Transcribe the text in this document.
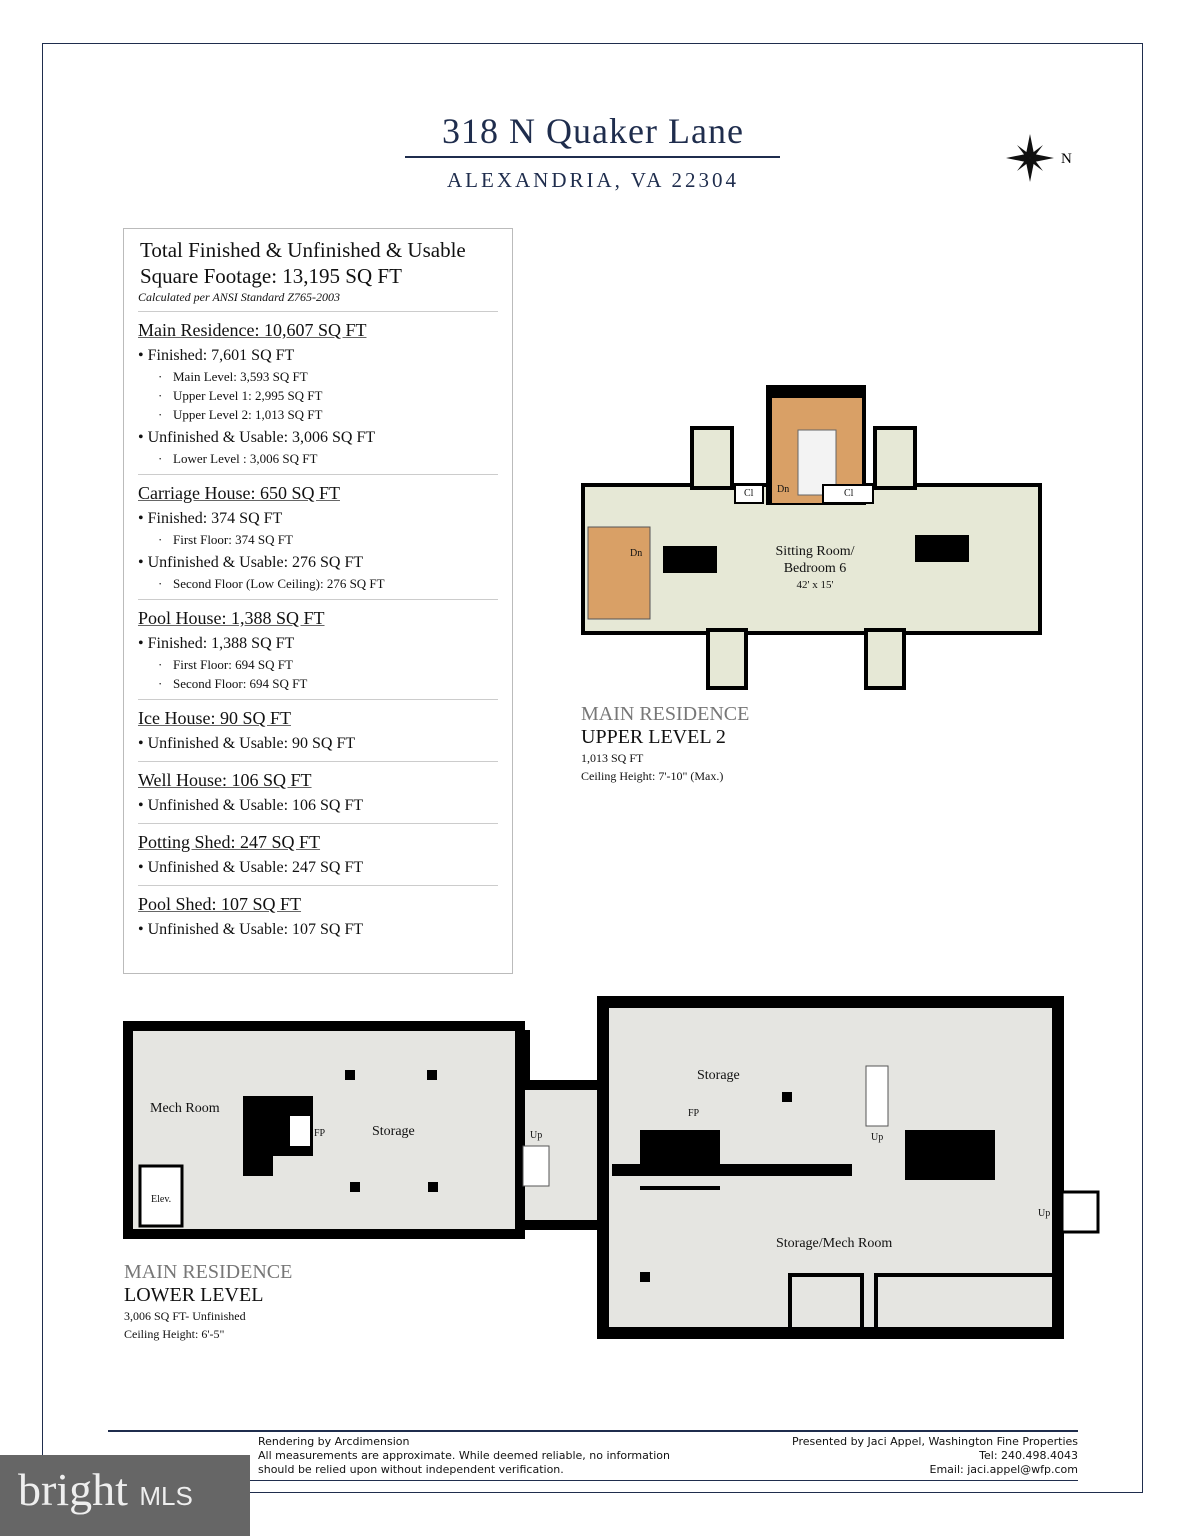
318 N Quaker Lane
ALEXANDRIA, VA 22304
N
Total Finished & Unfinished & Usable
Square Footage: 13,195 SQ FT
Calculated per ANSI Standard Z765-2003
Main Residence: 10,607 SQ FT
• Finished: 7,601 SQ FT
· Main Level: 3,593 SQ FT
· Upper Level 1: 2,995 SQ FT
· Upper Level 2: 1,013 SQ FT
• Unfinished & Usable: 3,006 SQ FT
· Lower Level : 3,006 SQ FT
Carriage House: 650 SQ FT
• Finished: 374 SQ FT
· First Floor: 374 SQ FT
• Unfinished & Usable: 276 SQ FT
· Second Floor (Low Ceiling): 276 SQ FT
Pool House: 1,388 SQ FT
• Finished: 1,388 SQ FT
· First Floor: 694 SQ FT
· Second Floor: 694 SQ FT
Ice House: 90 SQ FT
• Unfinished & Usable: 90 SQ FT
Well House: 106 SQ FT
• Unfinished & Usable: 106 SQ FT
Potting Shed: 247 SQ FT
• Unfinished & Usable: 247 SQ FT
Pool Shed: 107 SQ FT
• Unfinished & Usable: 107 SQ FT
Sitting Room/
Bedroom 6
42' x 15'
Dn
Dn
Cl	Cl
MAIN RESIDENCE
UPPER LEVEL 2
1,013 SQ FT
Ceiling Height: 7'-10" (Max.)
Mech Room
Storage
Storage
Storage/Mech Room
FP
FP
Elev.
Up	Up
Up
MAIN RESIDENCE
LOWER LEVEL
3,006 SQ FT- Unfinished
Ceiling Height: 6'-5"
Rendering by Arcdimension
All measurements are approximate. While deemed reliable, no information
should be relied upon without independent verification.
Presented by Jaci Appel, Washington Fine Properties
Tel: 240.498.4043
Email: jaci.appel@wfp.com
bright MLS
